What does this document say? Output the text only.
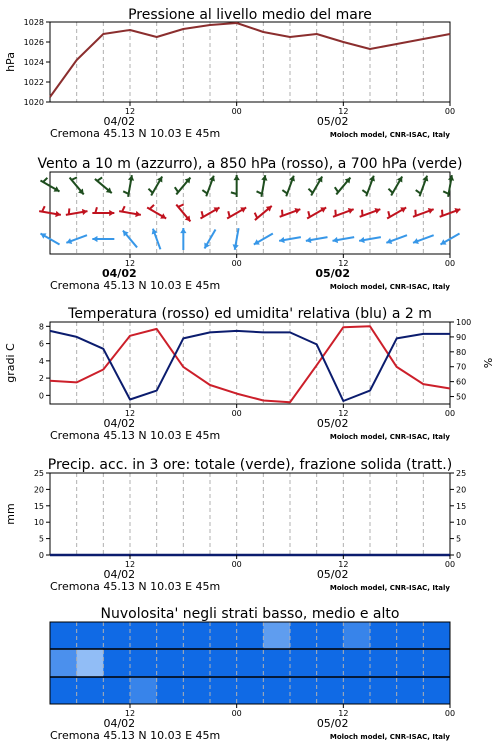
Pressione al livello medio del mare
1020
1022
1024
1026
1028
hPa
12	00	12	00
04/02	05/02
Cremona 45.13 N 10.03 E 45m	Moloch model, CNR-ISAC, Italy
Vento a 10 m (azzurro), a 850 hPa (rosso), a 700 hPa (verde)
12	00	12	00
04/02	05/02
Cremona 45.13 N 10.03 E 45m	Moloch model, CNR-ISAC, Italy
Temperatura (rosso) ed umidita' relativa (blu) a 2 m
0
2
4
6
8
50
60
70
80
90
100
gradi C	%
12	00	12	00
04/02	05/02
Cremona 45.13 N 10.03 E 45m	Moloch model, CNR-ISAC, Italy
Precip. acc. in 3 ore: totale (verde), frazione solida (tratt.)
0
5
10
15
20
25
0
5
10
15
20
25
mm
12	00	12	00
04/02	05/02
Cremona 45.13 N 10.03 E 45m	Moloch model, CNR-ISAC, Italy
Nuvolosita' negli strati basso, medio e alto
12	00	12	00
04/02	05/02
Cremona 45.13 N 10.03 E 45m	Moloch model, CNR-ISAC, Italy
